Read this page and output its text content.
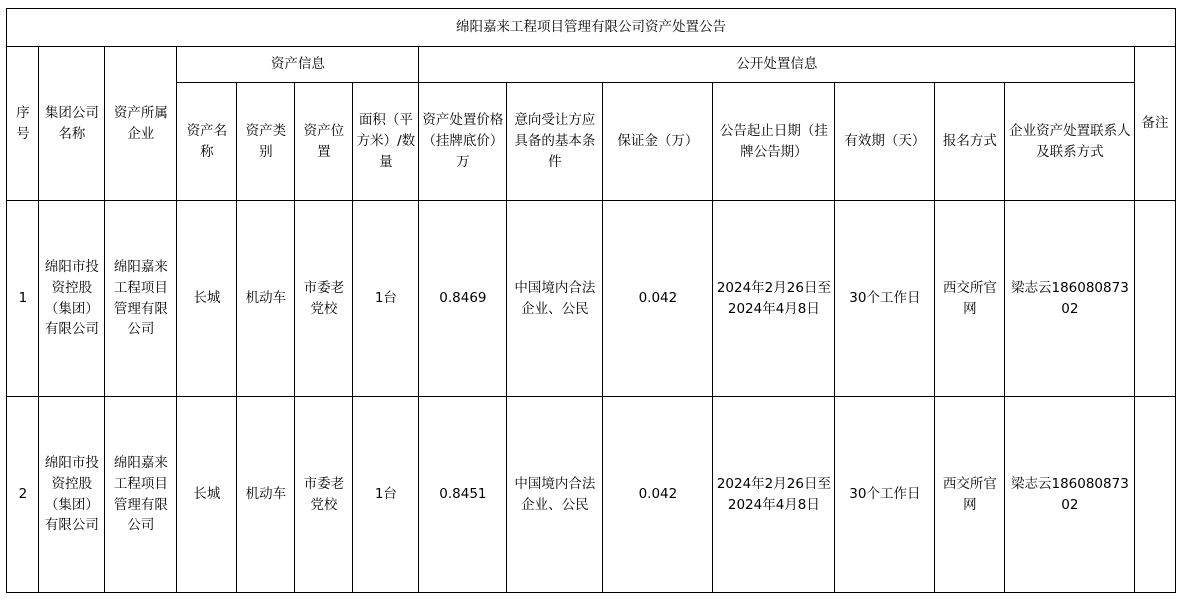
绵阳嘉来工程项目管理有限公司资产处置公告														
序号	集团公司名称	资产所属企业	资产信息				公开处置信息							备注
			资产名称	资产类别	资产位置	面积（平方米）/数量	资产处置价格（挂牌底价）万	意向受让方应具备的基本条件	保证金（万）	公告起止日期（挂牌公告期）	有效期（天）	报名方式	企业资产处置联系人及联系方式	
1	绵阳市投资控股（集团）有限公司	绵阳嘉来工程项目管理有限公司	长城	机动车	市委老党校	1台	0.8469	中国境内合法企业、公民	0.042	2024年2月26日至2024年4月8日	30个工作日	西交所官网	梁志云18608087302	
2	绵阳市投资控股（集团）有限公司	绵阳嘉来工程项目管理有限公司	长城	机动车	市委老党校	1台	0.8451	中国境内合法企业、公民	0.042	2024年2月26日至2024年4月8日	30个工作日	西交所官网	梁志云18608087302	
